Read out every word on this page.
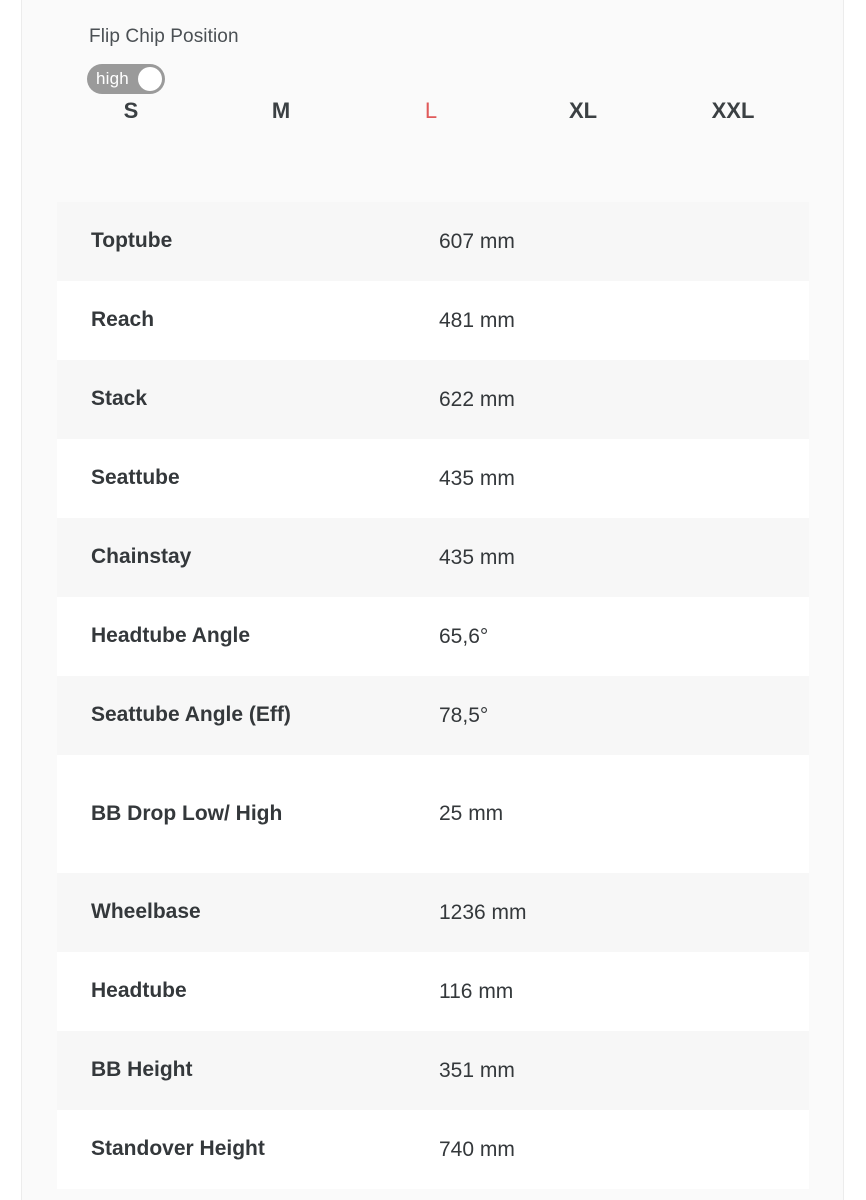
Flip Chip Position
high
S	M	L	XL	XXL
Toptube	607 mm
Reach	481 mm
Stack	622 mm
Seattube	435 mm
Chainstay	435 mm
Headtube Angle	65,6°
Seattube Angle (Eff)	78,5°
BB Drop Low/ High	25 mm
Wheelbase	1236 mm
Headtube	116 mm
BB Height	351 mm
Standover Height	740 mm
